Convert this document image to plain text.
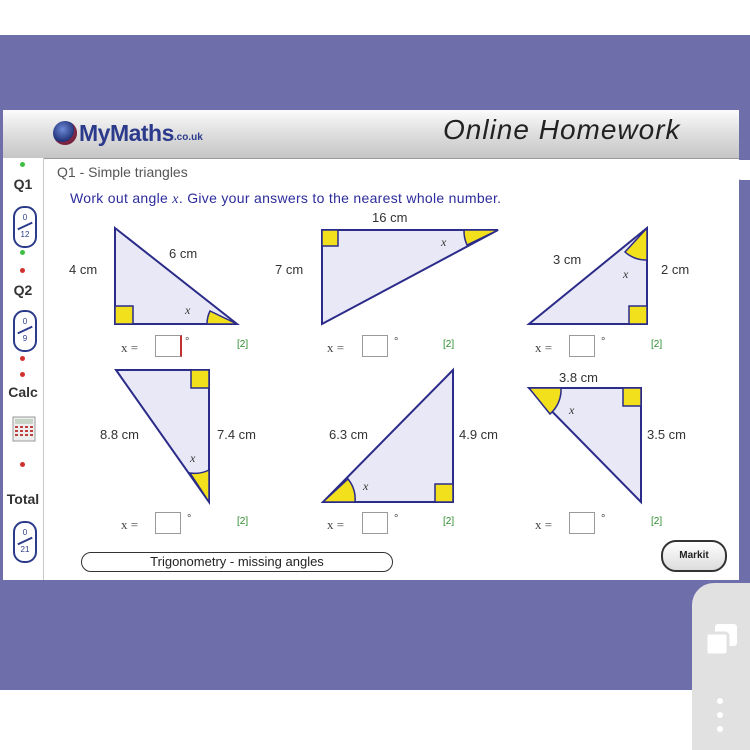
MyMaths .co.uk	Online Homework
Q1
0
12
Q2
0
9
Calc
Total
0
21
Q1 - Simple triangles
Work out angle x. Give your answers to the nearest whole number.
4 cm
6 cm
7 cm
16 cm
3 cm
2 cm
8.8 cm	7.4 cm	6.3 cm	4.9 cm
3.8 cm
3.5 cm
x
x
x
x
x
x
x =	°	[2]	x =	°	[2]	x =	°	[2]
x =	°	[2]	x =	°	[2]	x =	°	[2]
Trigonometry - missing angles	Markit
